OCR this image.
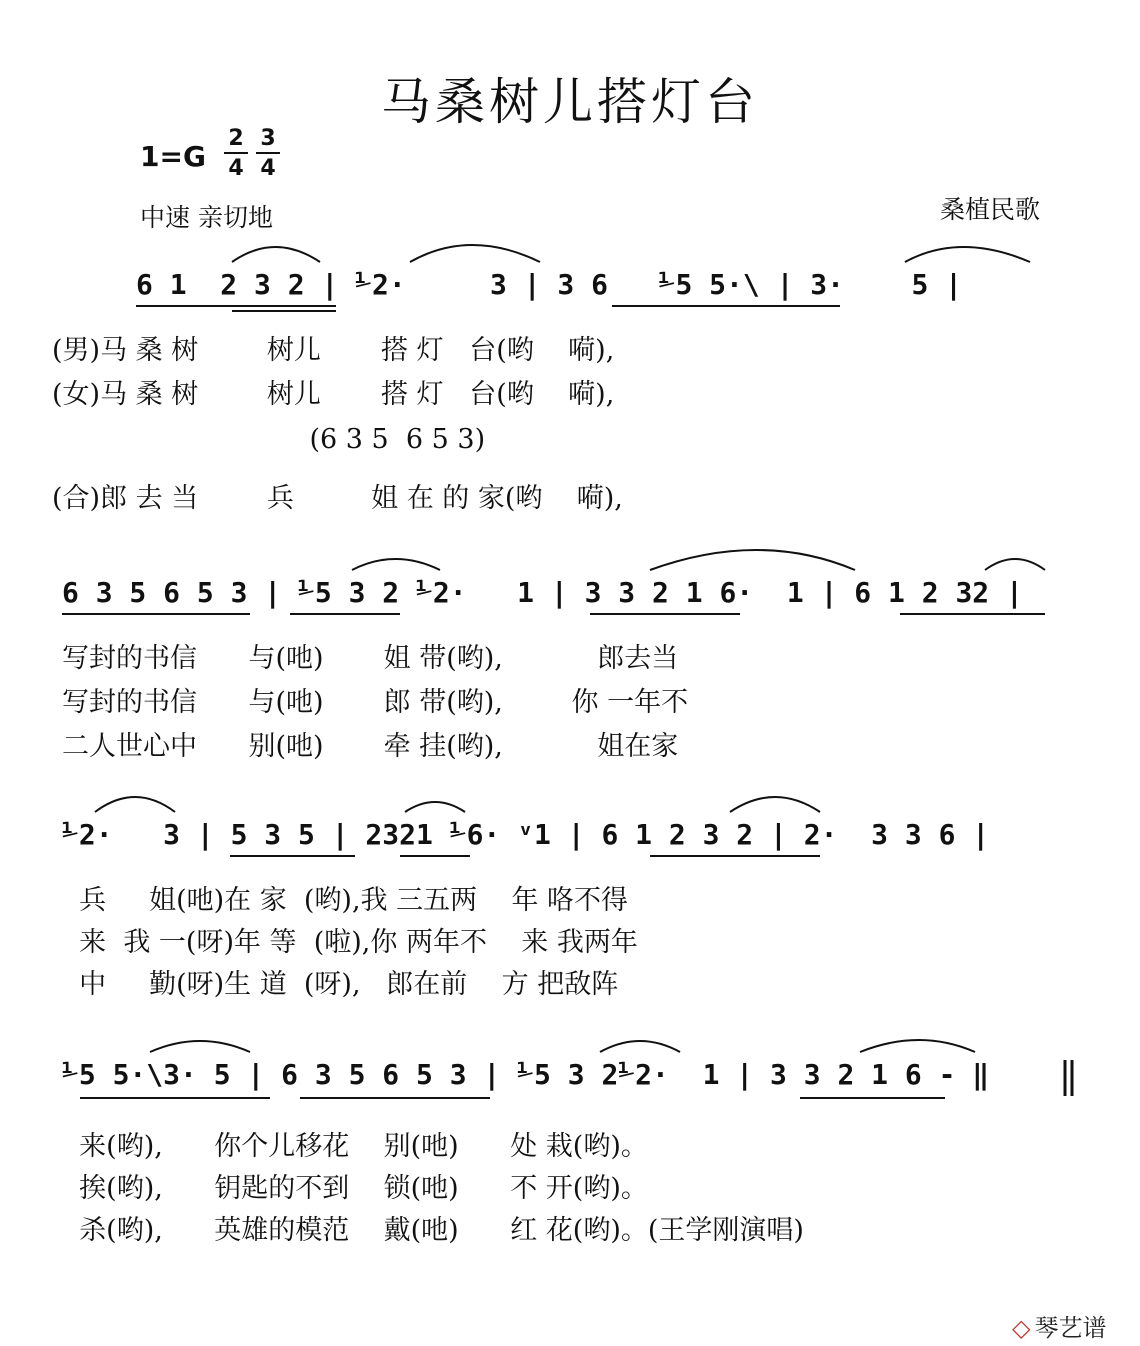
马桑树儿搭灯台
1=G
2
4
3
4
中速 亲切地	桑植民歌
6 1  2 3 2 | ⅟2·     3 | 3 6   ⅟5 5·\ | 3·    5 |
(男)马 桑 树        树儿       搭 灯   台(哟    嗬),
(女)马 桑 树        树儿       搭 灯   台(哟    嗬),
(6 3 5  6 5 3)
(合)郎 去 当        兵         姐 在 的 家(哟    嗬),
6 3 5 6 5 3 | ⅟5 3 2 ⅟2·   1 | 3 3 2 1 6·  1 | 6 1 2 32 |
写封的书信      与(吔)       姐 带(哟),           郎去当
写封的书信      与(吔)       郎 带(哟),        你 一年不
二人世心中      别(吔)       牵 挂(哟),           姐在家
⅟2·   3 | 5 3 5 | 2321 ⅟6· ᵛ1 | 6 1 2 3 2 | 2·  3 3 6 |
兵     姐(吔)在 家  (哟),我 三五两    年 咯不得
来  我 一(呀)年 等  (啦),你 两年不    来 我两年
中     勤(呀)生 道  (呀),   郎在前    方 把敌阵
⅟5 5·\3· 5 | 6 3 5 6 5 3 | ⅟5 3 2⅟2·  1 | 3 3 2 1 6 - ‖
来(哟),      你个儿移花    别(吔)      处 栽(哟)。
挨(哟),      钥匙的不到    锁(吔)      不 开(哟)。
杀(哟),      英雄的模范    戴(吔)      红 花(哟)。(王学刚演唱)
◇ 琴艺谱
